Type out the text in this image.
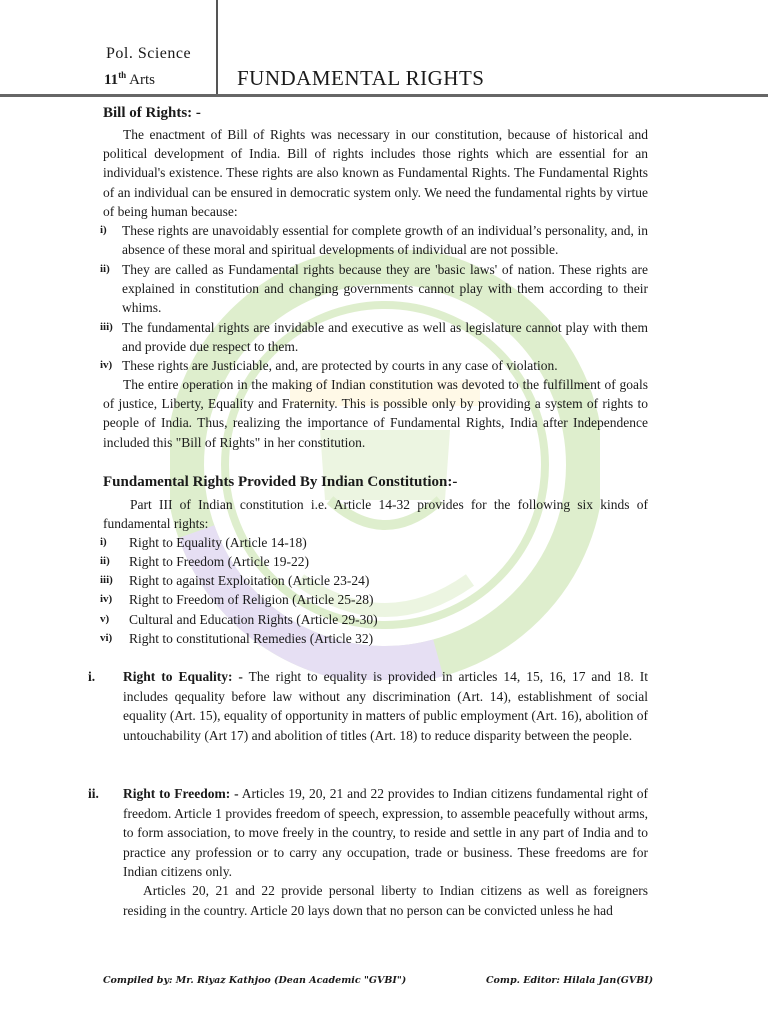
Pol. Science
11th Arts	FUNDAMENTAL RIGHTS
Bill of Rights: -
The enactment of Bill of Rights was necessary in our constitution, because of historical and political development of India. Bill of rights includes those rights which are essential for an individual's existence. These rights are also known as Fundamental Rights. The Fundamental Rights of an individual can be ensured in democratic system only. We need the fundamental rights by virtue of being human because:
i) These rights are unavoidably essential for complete growth of an individual’s personality, and, in absence of these moral and spiritual developments of individual are not possible.
ii) They are called as Fundamental rights because they are 'basic laws' of nation. These rights are explained in constitution and changing governments cannot play with them according to their whims.
iii) The fundamental rights are invidable and executive as well as legislature cannot play with them and provide due respect to them.
iv) These rights are Justiciable, and, are protected by courts in any case of violation.
The entire operation in the making of Indian constitution was devoted to the fulfillment of goals of justice, Liberty, Equality and Fraternity. This is possible only by providing a system of rights to people of India. Thus, realizing the importance of Fundamental Rights, India after Independence included this "Bill of Rights" in her constitution.
Fundamental Rights Provided By Indian Constitution:-
Part III of Indian constitution i.e. Article 14-32 provides for the following six kinds of fundamental rights:
i) Right to Equality (Article 14-18)
ii) Right to Freedom (Article 19-22)
iii) Right to against Exploitation (Article 23-24)
iv) Right to Freedom of Religion (Article 25-28)
v) Cultural and Education Rights (Article 29-30)
vi) Right to constitutional Remedies (Article 32)
i. Right to Equality: - The right to equality is provided in articles 14, 15, 16, 17 and 18. It includes qequality before law without any discrimination (Art. 14), establishment of social equality (Art. 15), equality of opportunity in matters of public employment (Art. 16), abolition of untouchability (Art 17) and abolition of titles (Art. 18) to reduce disparity between the people.
ii. Right to Freedom: - Articles 19, 20, 21 and 22 provides to Indian citizens fundamental right of freedom. Article 1 provides freedom of speech, expression, to assemble peacefully without arms, to form association, to move freely in the country, to reside and settle in any part of India and to practice any profession or to carry any occupation, trade or business. These freedoms are for Indian citizens only.
Articles 20, 21 and 22 provide personal liberty to Indian citizens as well as foreigners residing in the country. Article 20 lays down that no person can be convicted unless he had
Compiled by: Mr. Riyaz Kathjoo (Dean Academic "GVBI")	Comp. Editor: Hilala Jan(GVBI)
